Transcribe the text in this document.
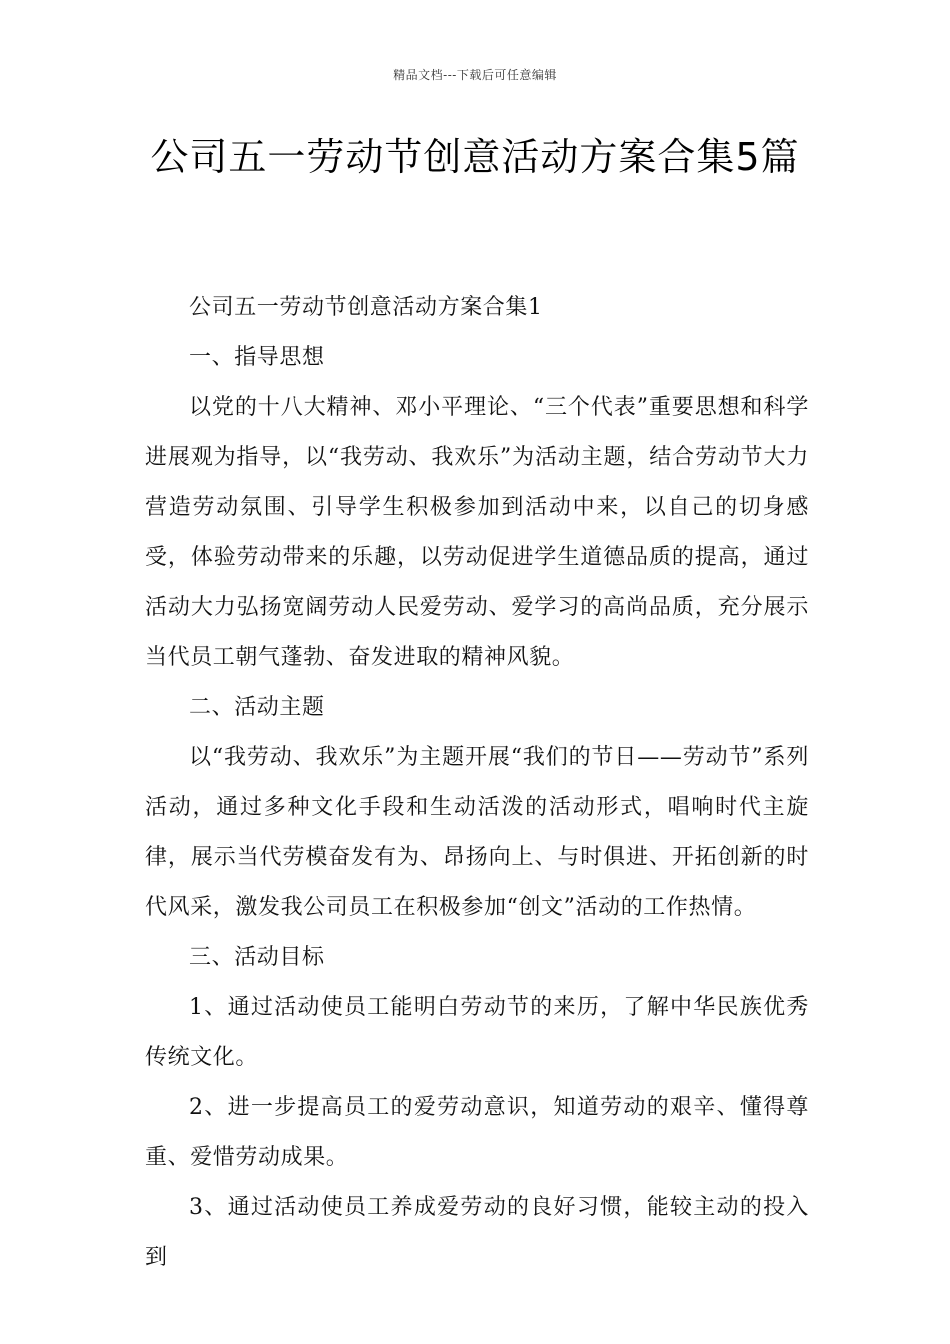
精品文档---下载后可任意编辑
公司五一劳动节创意活动方案合集5篇

公司五一劳动节创意活动方案合集1

一、指导思想

以党的十八大精神、邓小平理论、“三个代表”重要思想和科学进展观为指导，以“我劳动、我欢乐”为活动主题，结合劳动节大力营造劳动氛围、引导学生积极参加到活动中来，以自己的切身感受，体验劳动带来的乐趣，以劳动促进学生道德品质的提高，通过活动大力弘扬宽阔劳动人民爱劳动、爱学习的高尚品质，充分展示当代员工朝气蓬勃、奋发进取的精神风貌。

二、活动主题

以“我劳动、我欢乐”为主题开展“我们的节日——劳动节”系列活动，通过多种文化手段和生动活泼的活动形式，唱响时代主旋律，展示当代劳模奋发有为、昂扬向上、与时俱进、开拓创新的时代风采，激发我公司员工在积极参加“创文”活动的工作热情。

三、活动目标

1、通过活动使员工能明白劳动节的来历，了解中华民族优秀传统文化。

2、进一步提高员工的爱劳动意识，知道劳动的艰辛、懂得尊重、爱惜劳动成果。

3、通过活动使员工养成爱劳动的良好习惯，能较主动的投入到
